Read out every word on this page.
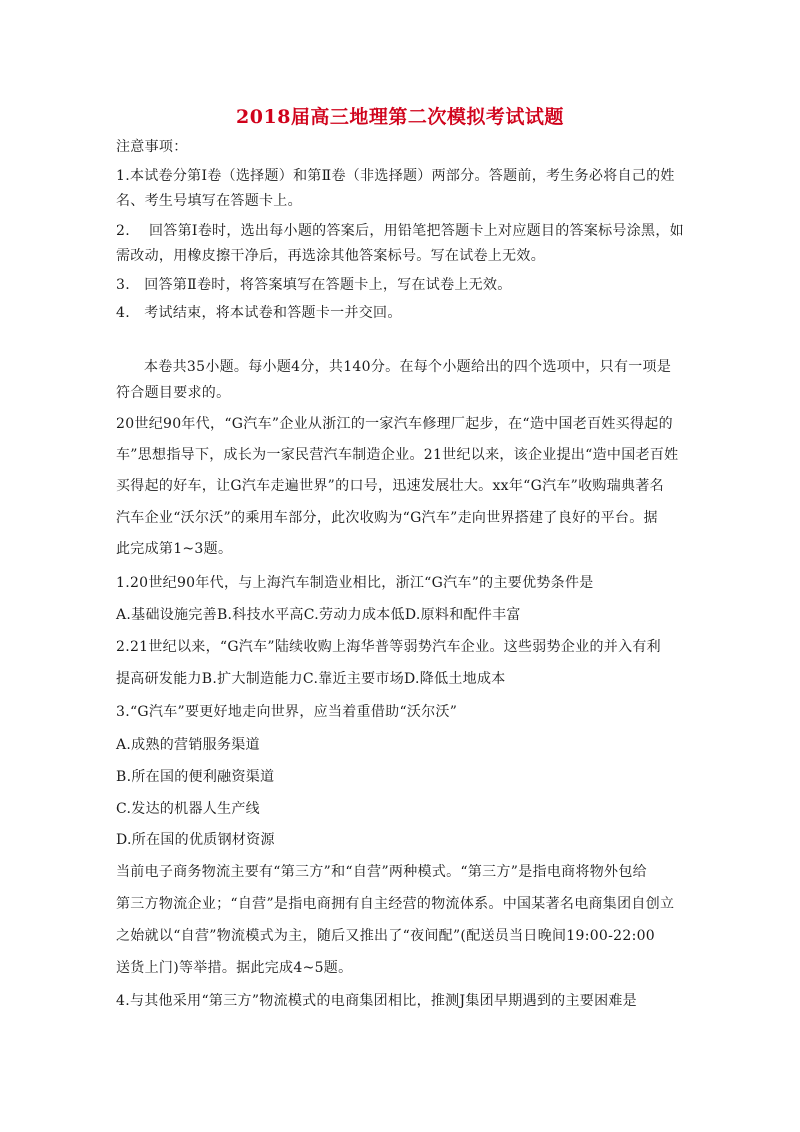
2018届高三地理第二次模拟考试试题
注意事项：
1.本试卷分第Ⅰ卷（选择题）和第Ⅱ卷（非选择题）两部分。答题前，考生务必将自己的姓
名、考生号填写在答题卡上。
2.　 回答第Ⅰ卷时，选出每小题的答案后，用铅笔把答题卡上对应题目的答案标号涂黑，如
需改动，用橡皮擦干净后，再选涂其他答案标号。写在试卷上无效。
3.　回答第Ⅱ卷时，将答案填写在答题卡上，写在试卷上无效。
4.　考试结束，将本试卷和答题卡一并交回。
本卷共35小题。每小题4分，共140分。在每个小题给出的四个选项中，只有一项是
符合题目要求的。
20世纪90年代，“G汽车”企业从浙江的一家汽车修理厂起步，在“造中国老百姓买得起的
车”思想指导下，成长为一家民营汽车制造企业。21世纪以来，该企业提出“造中国老百姓
买得起的好车，让G汽车走遍世界”的口号，迅速发展壮大。xx年“G汽车”收购瑞典著名
汽车企业“沃尔沃”的乘用车部分，此次收购为“G汽车”走向世界搭建了良好的平台。据
此完成第1~3题。
1.20世纪90年代，与上海汽车制造业相比，浙江“G汽车”的主要优势条件是
A.基础设施完善B.科技水平高C.劳动力成本低D.原料和配件丰富
2.21世纪以来，“G汽车”陆续收购上海华普等弱势汽车企业。这些弱势企业的并入有利
提高研发能力B.扩大制造能力C.靠近主要市场D.降低土地成本
3.“G汽车”要更好地走向世界，应当着重借助“沃尔沃”
A.成熟的营销服务渠道
B.所在国的便利融资渠道
C.发达的机器人生产线
D.所在国的优质钢材资源
当前电子商务物流主要有“第三方”和“自营”两种模式。“第三方”是指电商将物外包给
第三方物流企业；“自营”是指电商拥有自主经营的物流体系。中国某著名电商集团自创立
之始就以“自营”物流模式为主，随后又推出了“夜间配”(配送员当日晚间19:00-22:00
送货上门)等举措。据此完成4~5题。
4.与其他采用“第三方”物流模式的电商集团相比，推测J集团早期遇到的主要困难是
